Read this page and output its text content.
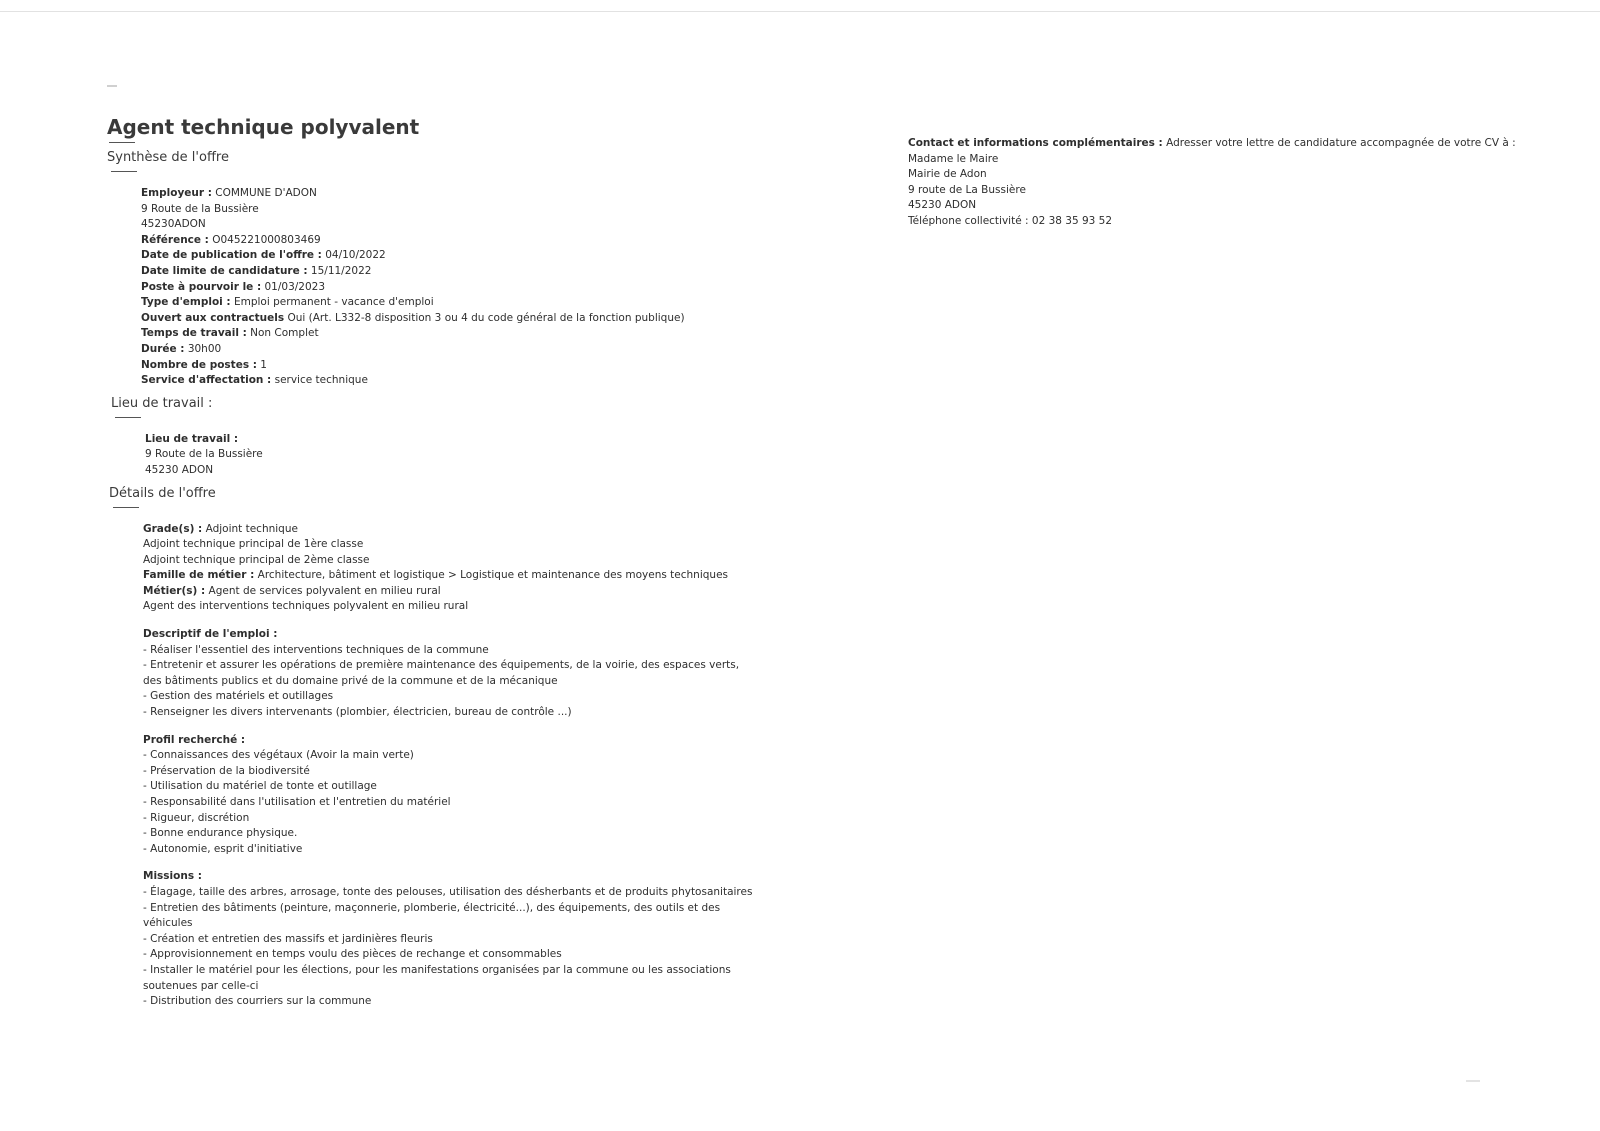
Agent technique polyvalent
Synthèse de l'offre
Employeur : COMMUNE D'ADON
9 Route de la Bussière
45230ADON
Référence : O045221000803469
Date de publication de l'offre : 04/10/2022
Date limite de candidature : 15/11/2022
Poste à pourvoir le : 01/03/2023
Type d'emploi : Emploi permanent - vacance d'emploi
Ouvert aux contractuels Oui (Art. L332-8 disposition 3 ou 4 du code général de la fonction publique)
Temps de travail : Non Complet
Durée : 30h00
Nombre de postes : 1
Service d'affectation : service technique
Lieu de travail :
Lieu de travail :
9 Route de la Bussière
45230 ADON
Détails de l'offre
Grade(s) : Adjoint technique
Adjoint technique principal de 1ère classe
Adjoint technique principal de 2ème classe
Famille de métier : Architecture, bâtiment et logistique > Logistique et maintenance des moyens techniques
Métier(s) : Agent de services polyvalent en milieu rural
Agent des interventions techniques polyvalent en milieu rural
Descriptif de l'emploi :
- Réaliser l'essentiel des interventions techniques de la commune
- Entretenir et assurer les opérations de première maintenance des équipements, de la voirie, des espaces verts, des bâtiments publics et du domaine privé de la commune et de la mécanique
- Gestion des matériels et outillages
- Renseigner les divers intervenants (plombier, électricien, bureau de contrôle ...)
Profil recherché :
- Connaissances des végétaux (Avoir la main verte)
- Préservation de la biodiversité
- Utilisation du matériel de tonte et outillage
- Responsabilité dans l'utilisation et l'entretien du matériel
- Rigueur, discrétion
- Bonne endurance physique.
- Autonomie, esprit d'initiative
Missions :
- Élagage, taille des arbres, arrosage, tonte des pelouses, utilisation des désherbants et de produits phytosanitaires
- Entretien des bâtiments (peinture, maçonnerie, plomberie, électricité...), des équipements, des outils et des véhicules
- Création et entretien des massifs et jardinières fleuris
- Approvisionnement en temps voulu des pièces de rechange et consommables
- Installer le matériel pour les élections, pour les manifestations organisées par la commune ou les associations soutenues par celle-ci
- Distribution des courriers sur la commune
Contact et informations complémentaires : Adresser votre lettre de candidature accompagnée de votre CV à :
Madame le Maire
Mairie de Adon
9 route de La Bussière
45230 ADON
Téléphone collectivité : 02 38 35 93 52
